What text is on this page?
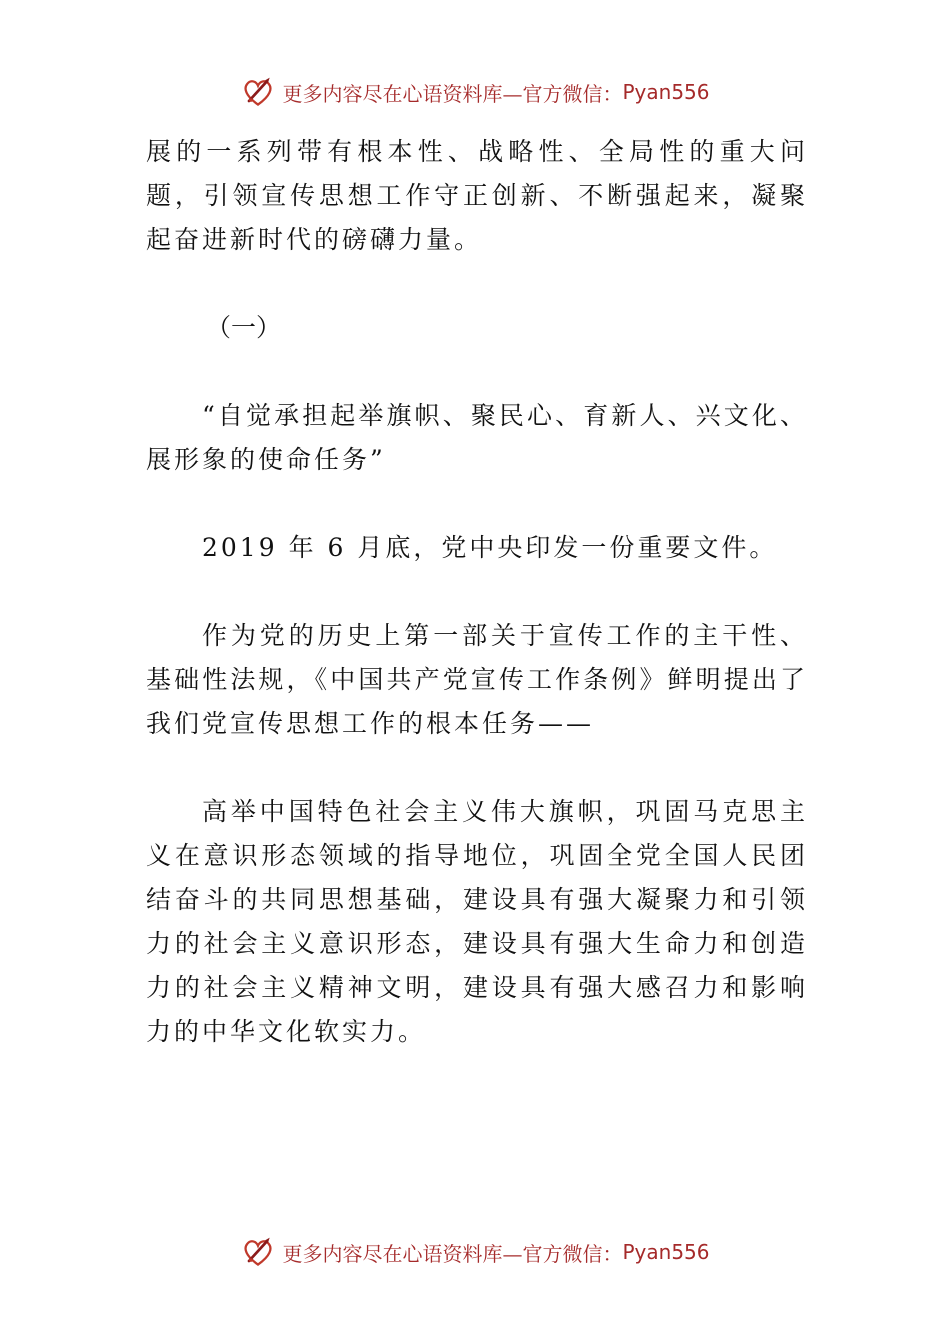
更多内容尽在心语资料库—官方微信： Pyan556

展的一系列带有根本性、战略性、全局性的重大问题，引领宣传思想工作守正创新、不断强起来，凝聚起奋进新时代的磅礴力量。

（一）

“自觉承担起举旗帜、聚民心、育新人、兴文化、展形象的使命任务”

2019 年 6 月底，党中央印发一份重要文件。

作为党的历史上第一部关于宣传工作的主干性、基础性法规，《中国共产党宣传工作条例》鲜明提出了我们党宣传思想工作的根本任务——

高举中国特色社会主义伟大旗帜，巩固马克思主义在意识形态领域的指导地位，巩固全党全国人民团结奋斗的共同思想基础，建设具有强大凝聚力和引领力的社会主义意识形态，建设具有强大生命力和创造力的社会主义精神文明，建设具有强大感召力和影响力的中华文化软实力。

更多内容尽在心语资料库—官方微信： Pyan556
